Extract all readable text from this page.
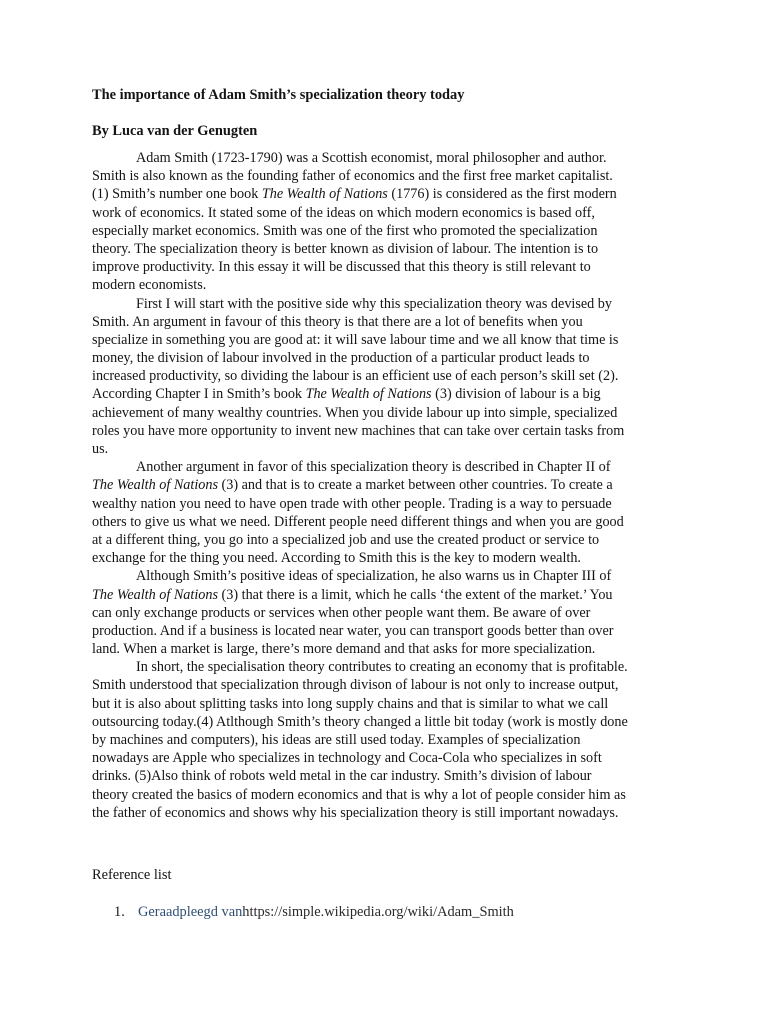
The importance of Adam Smith’s specialization theory today

By Luca van der Genugten

Adam Smith (1723-1790) was a Scottish economist, moral philosopher and author.
Smith is also known as the founding father of economics and the first free market capitalist.
(1) Smith’s number one book The Wealth of Nations (1776) is considered as the first modern
work of economics. It stated some of the ideas on which modern economics is based off,
especially market economics. Smith was one of the first who promoted the specialization
theory. The specialization theory is better known as division of labour. The intention is to
improve productivity. In this essay it will be discussed that this theory is still relevant to
modern economists.
First I will start with the positive side why this specialization theory was devised by
Smith. An argument in favour of this theory is that there are a lot of benefits when you
specialize in something you are good at: it will save labour time and we all know that time is
money, the division of labour involved in the production of a particular product leads to
increased productivity, so dividing the labour is an efficient use of each person’s skill set (2).
According Chapter I in Smith’s book The Wealth of Nations (3) division of labour is a big
achievement of many wealthy countries. When you divide labour up into simple, specialized
roles you have more opportunity to invent new machines that can take over certain tasks from
us.
Another argument in favor of this specialization theory is described in Chapter II of
The Wealth of Nations (3) and that is to create a market between other countries. To create a
wealthy nation you need to have open trade with other people. Trading is a way to persuade
others to give us what we need. Different people need different things and when you are good
at a different thing, you go into a specialized job and use the created product or service to
exchange for the thing you need. According to Smith this is the key to modern wealth.
Although Smith’s positive ideas of specialization, he also warns us in Chapter III of
The Wealth of Nations (3) that there is a limit, which he calls ‘the extent of the market.’ You
can only exchange products or services when other people want them. Be aware of over
production. And if a business is located near water, you can transport goods better than over
land. When a market is large, there’s more demand and that asks for more specialization.
In short, the specialisation theory contributes to creating an economy that is profitable.
Smith understood that specialization through divison of labour is not only to increase output,
but it is also about splitting tasks into long supply chains and that is similar to what we call
outsourcing today.(4) Atlthough Smith’s theory changed a little bit today (work is mostly done
by machines and computers), his ideas are still used today. Examples of specialization
nowadays are Apple who specializes in technology and Coca-Cola who specializes in soft
drinks. (5)Also think of robots weld metal in the car industry. Smith’s division of labour
theory created the basics of modern economics and that is why a lot of people consider him as
the father of economics and shows why his specialization theory is still important nowadays.
Reference list
1. Geraadpleegd van https://simple.wikipedia.org/wiki/Adam_Smith
